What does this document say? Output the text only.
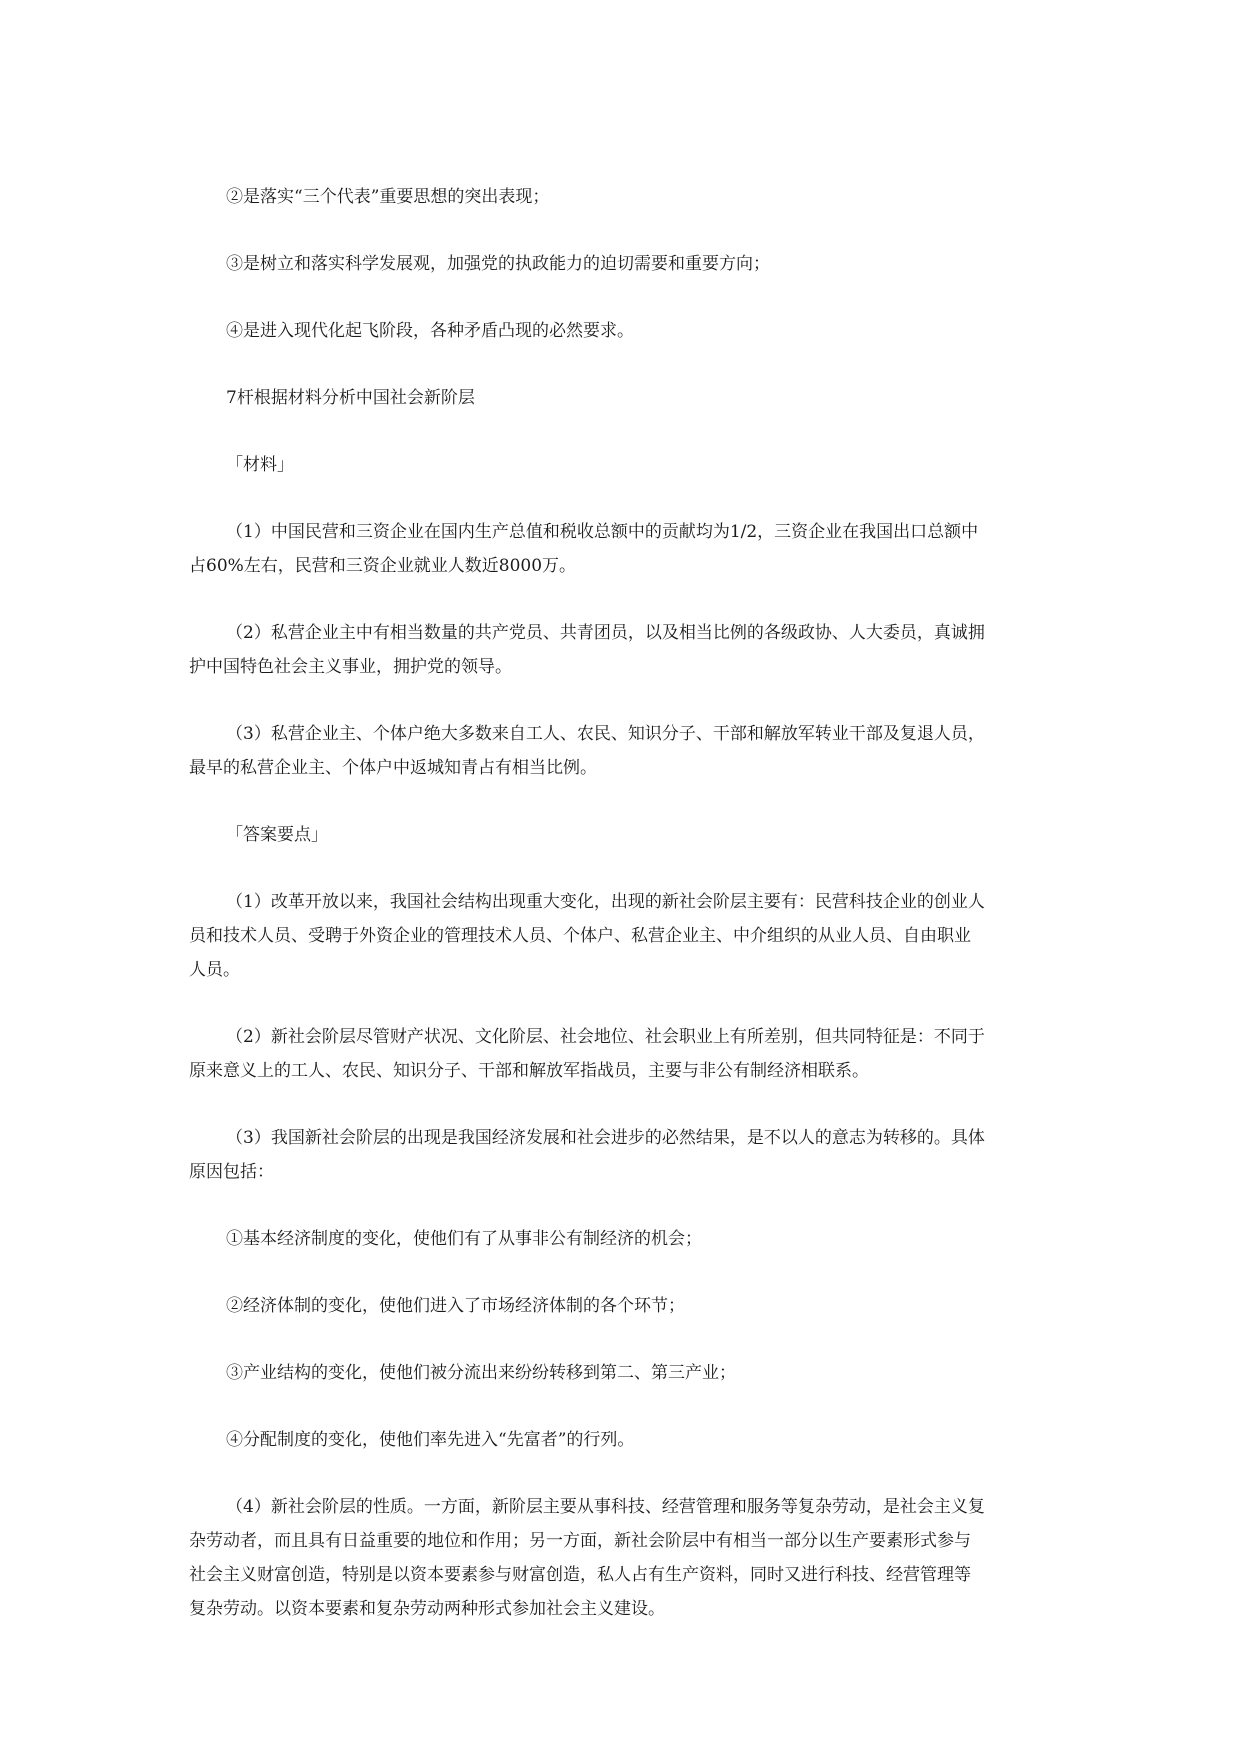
②是落实“三个代表”重要思想的突出表现；

③是树立和落实科学发展观，加强党的执政能力的迫切需要和重要方向；

④是进入现代化起飞阶段，各种矛盾凸现的必然要求。

7杆根据材料分析中国社会新阶层

「材料」

（1）中国民营和三资企业在国内生产总值和税收总额中的贡献均为1/2，三资企业在我国出口总额中

占60%左右，民营和三资企业就业人数近8000万。

（2）私营企业主中有相当数量的共产党员、共青团员，以及相当比例的各级政协、人大委员，真诚拥

护中国特色社会主义事业，拥护党的领导。

（3）私营企业主、个体户绝大多数来自工人、农民、知识分子、干部和解放军转业干部及复退人员，

最早的私营企业主、个体户中返城知青占有相当比例。

「答案要点」

（1）改革开放以来，我国社会结构出现重大变化，出现的新社会阶层主要有：民营科技企业的创业人

员和技术人员、受聘于外资企业的管理技术人员、个体户、私营企业主、中介组织的从业人员、自由职业

人员。

（2）新社会阶层尽管财产状况、文化阶层、社会地位、社会职业上有所差别，但共同特征是：不同于

原来意义上的工人、农民、知识分子、干部和解放军指战员，主要与非公有制经济相联系。

（3）我国新社会阶层的出现是我国经济发展和社会进步的必然结果，是不以人的意志为转移的。具体

原因包括：

①基本经济制度的变化，使他们有了从事非公有制经济的机会；

②经济体制的变化，使他们进入了市场经济体制的各个环节；

③产业结构的变化，使他们被分流出来纷纷转移到第二、第三产业；

④分配制度的变化，使他们率先进入“先富者”的行列。

（4）新社会阶层的性质。一方面，新阶层主要从事科技、经营管理和服务等复杂劳动，是社会主义复

杂劳动者，而且具有日益重要的地位和作用；另一方面，新社会阶层中有相当一部分以生产要素形式参与

社会主义财富创造，特别是以资本要素参与财富创造，私人占有生产资料，同时又进行科技、经营管理等

复杂劳动。以资本要素和复杂劳动两种形式参加社会主义建设。
